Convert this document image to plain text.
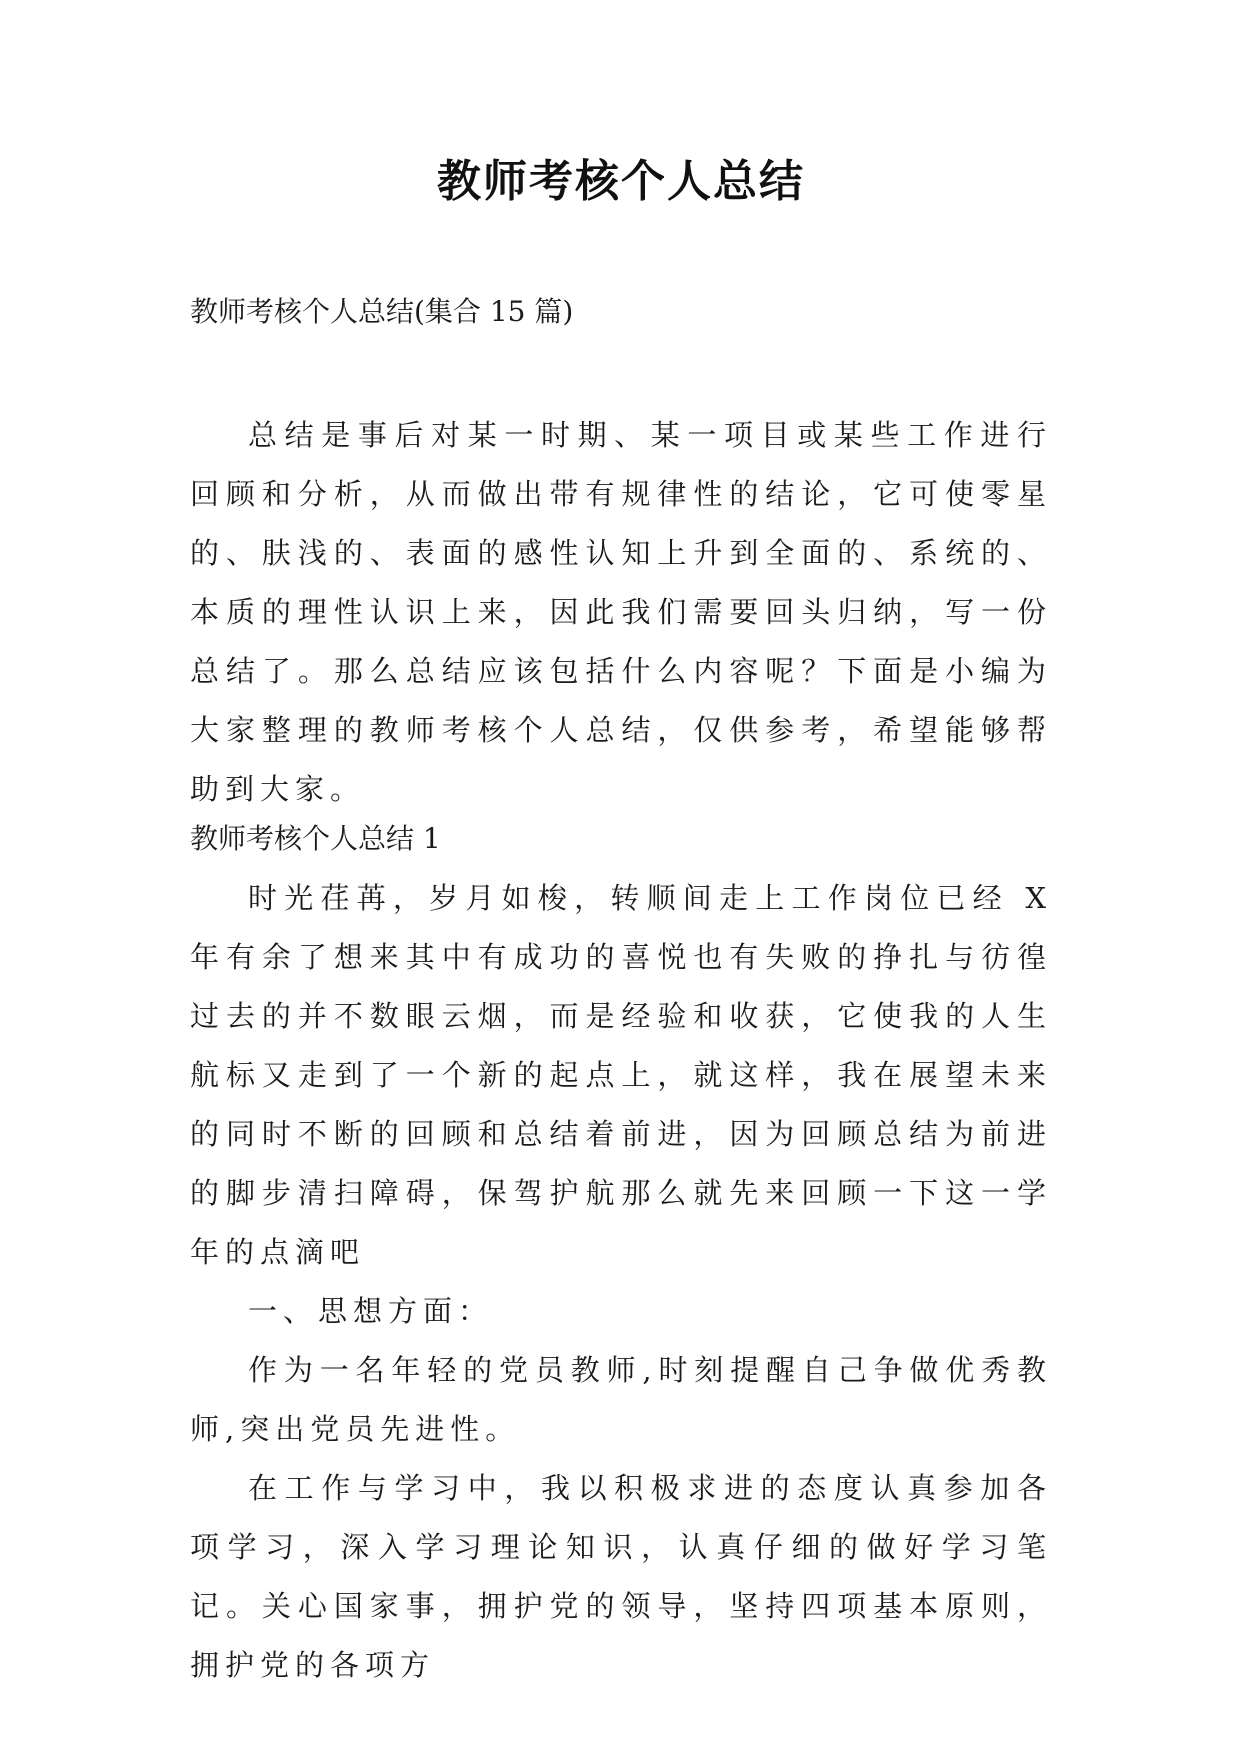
教师考核个人总结
教师考核个人总结(集合 15 篇)

总结是事后对某一时期、某一项目或某些工作进行回顾和分析，从而做出带有规律性的结论，它可使零星的、肤浅的、表面的感性认知上升到全面的、系统的、本质的理性认识上来，因此我们需要回头归纳，写一份总结了。那么总结应该包括什么内容呢？下面是小编为大家整理的教师考核个人总结，仅供参考，希望能够帮助到大家。

教师考核个人总结 1

时光荏苒，岁月如梭，转顺间走上工作岗位已经 X 年有余了想来其中有成功的喜悦也有失败的挣扎与彷徨过去的并不数眼云烟，而是经验和收获，它使我的人生航标又走到了一个新的起点上，就这样，我在展望未来的同时不断的回顾和总结着前进，因为回顾总结为前进的脚步清扫障碍，保驾护航那么就先来回顾一下这一学年的点滴吧

一、思想方面：

作为一名年轻的党员教师,时刻提醒自己争做优秀教师,突出党员先进性。

在工作与学习中，我以积极求进的态度认真参加各项学习，深入学习理论知识，认真仔细的做好学习笔记。关心国家事，拥护党的领导，坚持四项基本原则，拥护党的各项方
